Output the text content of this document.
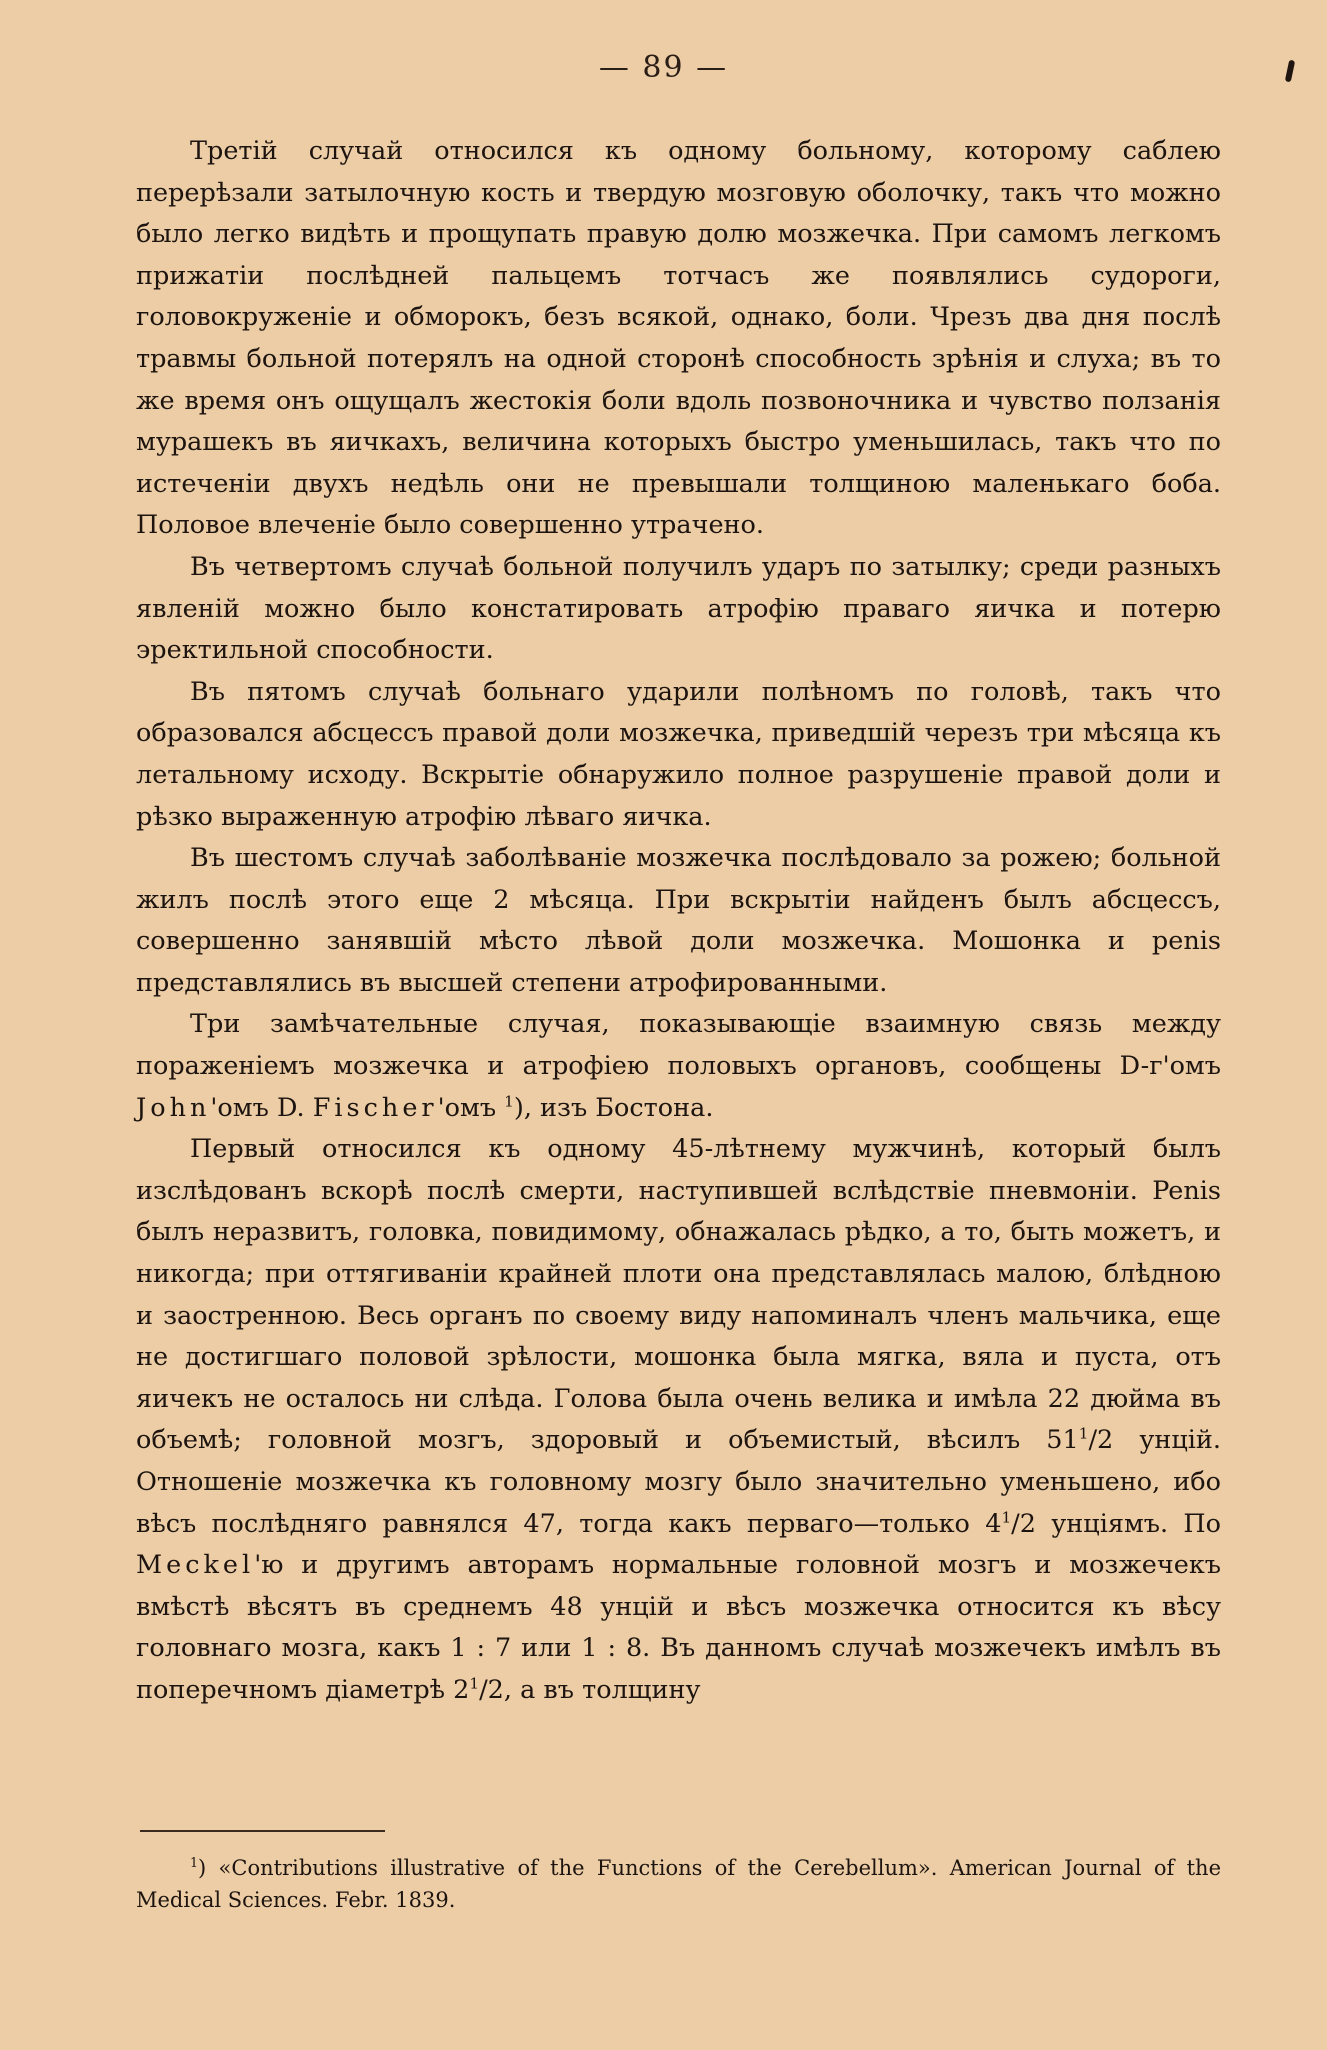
— 89 —

Третій случай относился къ одному больному, которому саблею перерѣзали затылочную кость и твердую мозговую оболочку, такъ что можно было легко видѣть и прощупать правую долю мозжечка. При самомъ легкомъ прижатіи послѣдней пальцемъ тотчасъ же появлялись судороги, головокруженіе и обморокъ, безъ всякой, однако, боли. Чрезъ два дня послѣ травмы больной потерялъ на одной сторонѣ способность зрѣнія и слуха; въ то же время онъ ощущалъ жестокія боли вдоль позвоночника и чувство ползанія мурашекъ въ яичкахъ, величина которыхъ быстро уменьшилась, такъ что по истеченіи двухъ недѣль они не превышали толщиною маленькаго боба. Половое влеченіе было совершенно утрачено.

Въ четвертомъ случаѣ больной получилъ ударъ по затылку; среди разныхъ явленій можно было констатировать атрофію праваго яичка и потерю эректильной способности.

Въ пятомъ случаѣ больнаго ударили полѣномъ по головѣ, такъ что образовался абсцессъ правой доли мозжечка, приведшій черезъ три мѣсяца къ летальному исходу. Вскрытіе обнаружило полное разрушеніе правой доли и рѣзко выраженную атрофію лѣваго яичка.

Въ шестомъ случаѣ заболѣваніе мозжечка послѣдовало за рожею; больной жилъ послѣ этого еще 2 мѣсяца. При вскрытіи найденъ былъ абсцессъ, совершенно занявшій мѣсто лѣвой доли мозжечка. Мошонка и penis представлялись въ высшей степени атрофированными.

Три замѣчательные случая, показывающіе взаимную связь между пораженіемъ мозжечка и атрофіею половыхъ органовъ, сообщены D-г'омъ John'омъ D. Fischer'омъ $^1$), изъ Бостона.

Первый относился къ одному 45-лѣтнему мужчинѣ, который былъ изслѣдованъ вскорѣ послѣ смерти, наступившей вслѣдствіе пневмоніи. Penis былъ неразвитъ, головка, повидимому, обнажалась рѣдко, а то, быть можетъ, и никогда; при оттягиваніи крайней плоти она представлялась малою, блѣдною и заостренною. Весь органъ по своему виду напоминалъ членъ мальчика, еще не достигшаго половой зрѣлости, мошонка была мягка, вяла и пуста, отъ яичекъ не осталось ни слѣда. Голова была очень велика и имѣла 22 дюйма въ объемѣ; головной мозгъ, здоровый и объемистый, вѣсилъ $51^1/2$ унцій. Отношеніе мозжечка къ головному мозгу было значительно уменьшено, ибо вѣсъ послѣдняго равнялся 47, тогда какъ перваго—только $4^1/2$ унціямъ. По Meckel'ю и другимъ авторамъ нормальные головной мозгъ и мозжечекъ вмѣстѣ вѣсятъ въ среднемъ 48 унцій и вѣсъ мозжечка относится къ вѣсу головнаго мозга, какъ 1 : 7 или 1 : 8. Въ данномъ случаѣ мозжечекъ имѣлъ въ поперечномъ діаметрѣ $2^1/2$, а въ толщину

$^1$) «Contributions illustrative of the Functions of the Cerebellum». American Journal of the Medical Sciences. Febr. 1839.
